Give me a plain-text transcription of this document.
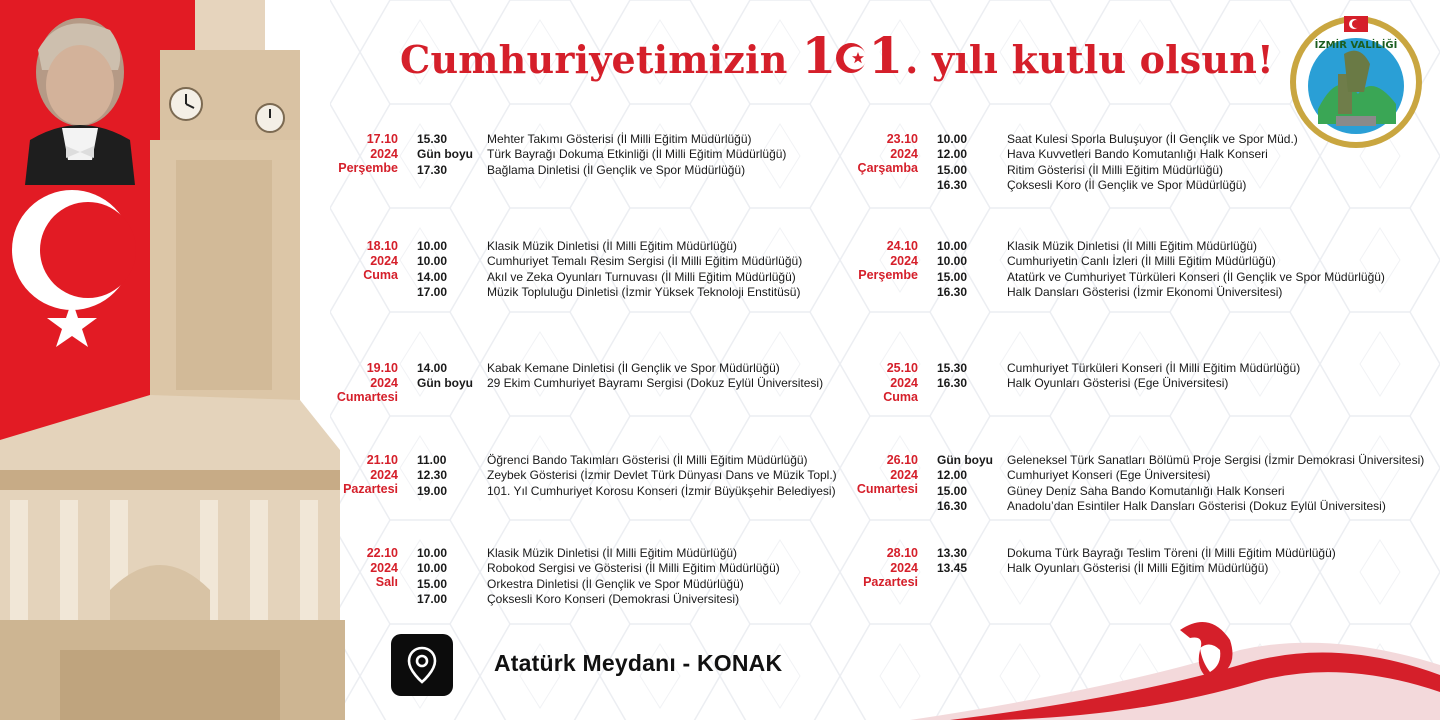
Cumhuriyetimizin 1 1 . yılı kutlu olsun!	İZMİR VALİLİĞİ
17.10
2024
Perşembe
15.30	Mehter Takımı Gösterisi (İl Milli Eğitim Müdürlüğü)
Gün boyu	Türk Bayrağı Dokuma Etkinliği (İl Milli Eğitim Müdürlüğü)
17.30	Bağlama Dinletisi (İl Gençlik ve Spor Müdürlüğü)
18.10
2024
Cuma
10.00	Klasik Müzik Dinletisi (İl Milli Eğitim Müdürlüğü)
10.00	Cumhuriyet Temalı Resim Sergisi (İl Milli Eğitim Müdürlüğü)
14.00	Akıl ve Zeka Oyunları Turnuvası (İl Milli Eğitim Müdürlüğü)
17.00	Müzik Topluluğu Dinletisi (İzmir Yüksek Teknoloji Enstitüsü)
19.10
2024
Cumartesi
14.00	Kabak Kemane Dinletisi (İl Gençlik ve Spor Müdürlüğü)
Gün boyu	29 Ekim Cumhuriyet Bayramı Sergisi (Dokuz Eylül Üniversitesi)
21.10
2024
Pazartesi
11.00	Öğrenci Bando Takımları Gösterisi (İl Milli Eğitim Müdürlüğü)
12.30	Zeybek Gösterisi (İzmir Devlet Türk Dünyası Dans ve Müzik Topl.)
19.00	101. Yıl Cumhuriyet Korosu Konseri (İzmir Büyükşehir Belediyesi)
22.10
2024
Salı
10.00	Klasik Müzik Dinletisi (İl Milli Eğitim Müdürlüğü)
10.00	Robokod Sergisi ve Gösterisi (İl Milli Eğitim Müdürlüğü)
15.00	Orkestra Dinletisi (İl Gençlik ve Spor Müdürlüğü)
17.00	Çoksesli Koro Konseri (Demokrasi Üniversitesi)
23.10
2024
Çarşamba
10.00	Saat Kulesi Sporla Buluşuyor (İl Gençlik ve Spor Müd.)
12.00	Hava Kuvvetleri Bando Komutanlığı Halk Konseri
15.00	Ritim Gösterisi (İl Milli Eğitim Müdürlüğü)
16.30	Çoksesli Koro (İl Gençlik ve Spor Müdürlüğü)
24.10
2024
Perşembe
10.00	Klasik Müzik Dinletisi (İl Milli Eğitim Müdürlüğü)
10.00	Cumhuriyetin Canlı İzleri (İl Milli Eğitim Müdürlüğü)
15.00	Atatürk ve Cumhuriyet Türküleri Konseri (İl Gençlik ve Spor Müdürlüğü)
16.30	Halk Dansları Gösterisi (İzmir Ekonomi Üniversitesi)
25.10
2024
Cuma
15.30	Cumhuriyet Türküleri Konseri (İl Milli Eğitim Müdürlüğü)
16.30	Halk Oyunları Gösterisi (Ege Üniversitesi)
26.10
2024
Cumartesi
Gün boyu	Geleneksel Türk Sanatları Bölümü Proje Sergisi (İzmir Demokrasi Üniversitesi)
12.00	Cumhuriyet Konseri (Ege Üniversitesi)
15.00	Güney Deniz Saha Bando Komutanlığı Halk Konseri
16.30	Anadolu’dan Esintiler Halk Dansları Gösterisi (Dokuz Eylül Üniversitesi)
28.10
2024
Pazartesi
13.30	Dokuma Türk Bayrağı Teslim Töreni (İl Milli Eğitim Müdürlüğü)
13.45	Halk Oyunları Gösterisi (İl Milli Eğitim Müdürlüğü)
Atatürk Meydanı - KONAK
